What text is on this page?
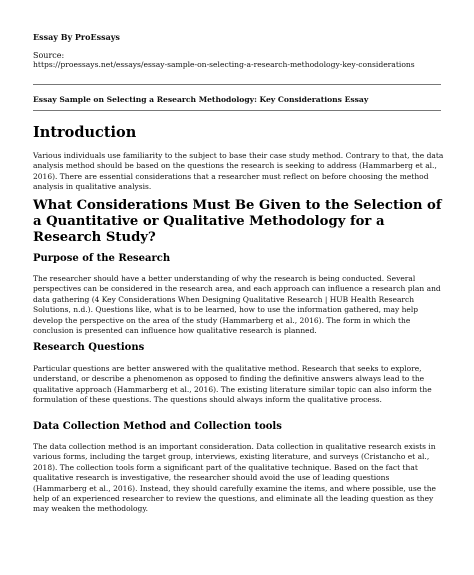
Essay By ProEssays
Source:
https://proessays.net/essays/essay-sample-on-selecting-a-research-methodology-key-considerations
Essay Sample on Selecting a Research Methodology: Key Considerations Essay
Introduction
Various individuals use familiarity to the subject to base their case study method. Contrary to that, the data analysis method should be based on the questions the research is seeking to address (Hammarberg et al., 2016). There are essential considerations that a researcher must reflect on before choosing the method analysis in qualitative analysis.
What Considerations Must Be Given to the Selection of a Quantitative or Qualitative Methodology for a Research Study?
Purpose of the Research
The researcher should have a better understanding of why the research is being conducted. Several perspectives can be considered in the research area, and each approach can influence a research plan and data gathering (4 Key Considerations When Designing Qualitative Research | HUB Health Research Solutions, n.d.). Questions like, what is to be learned, how to use the information gathered, may help develop the perspective on the area of the study (Hammarberg et al., 2016). The form in which the conclusion is presented can influence how qualitative research is planned.
Research Questions
Particular questions are better answered with the qualitative method. Research that seeks to explore, understand, or describe a phenomenon as opposed to finding the definitive answers always lead to the qualitative approach (Hammarberg et al., 2016). The existing literature similar topic can also inform the formulation of these questions. The questions should always inform the qualitative process.
Data Collection Method and Collection tools
The data collection method is an important consideration. Data collection in qualitative research exists in various forms, including the target group, interviews, existing literature, and surveys (Cristancho et al., 2018). The collection tools form a significant part of the qualitative technique. Based on the fact that qualitative research is investigative, the researcher should avoid the use of leading questions (Hammarberg et al., 2016). Instead, they should carefully examine the items, and where possible, use the help of an experienced researcher to review the questions, and eliminate all the leading question as they may weaken the methodology.
